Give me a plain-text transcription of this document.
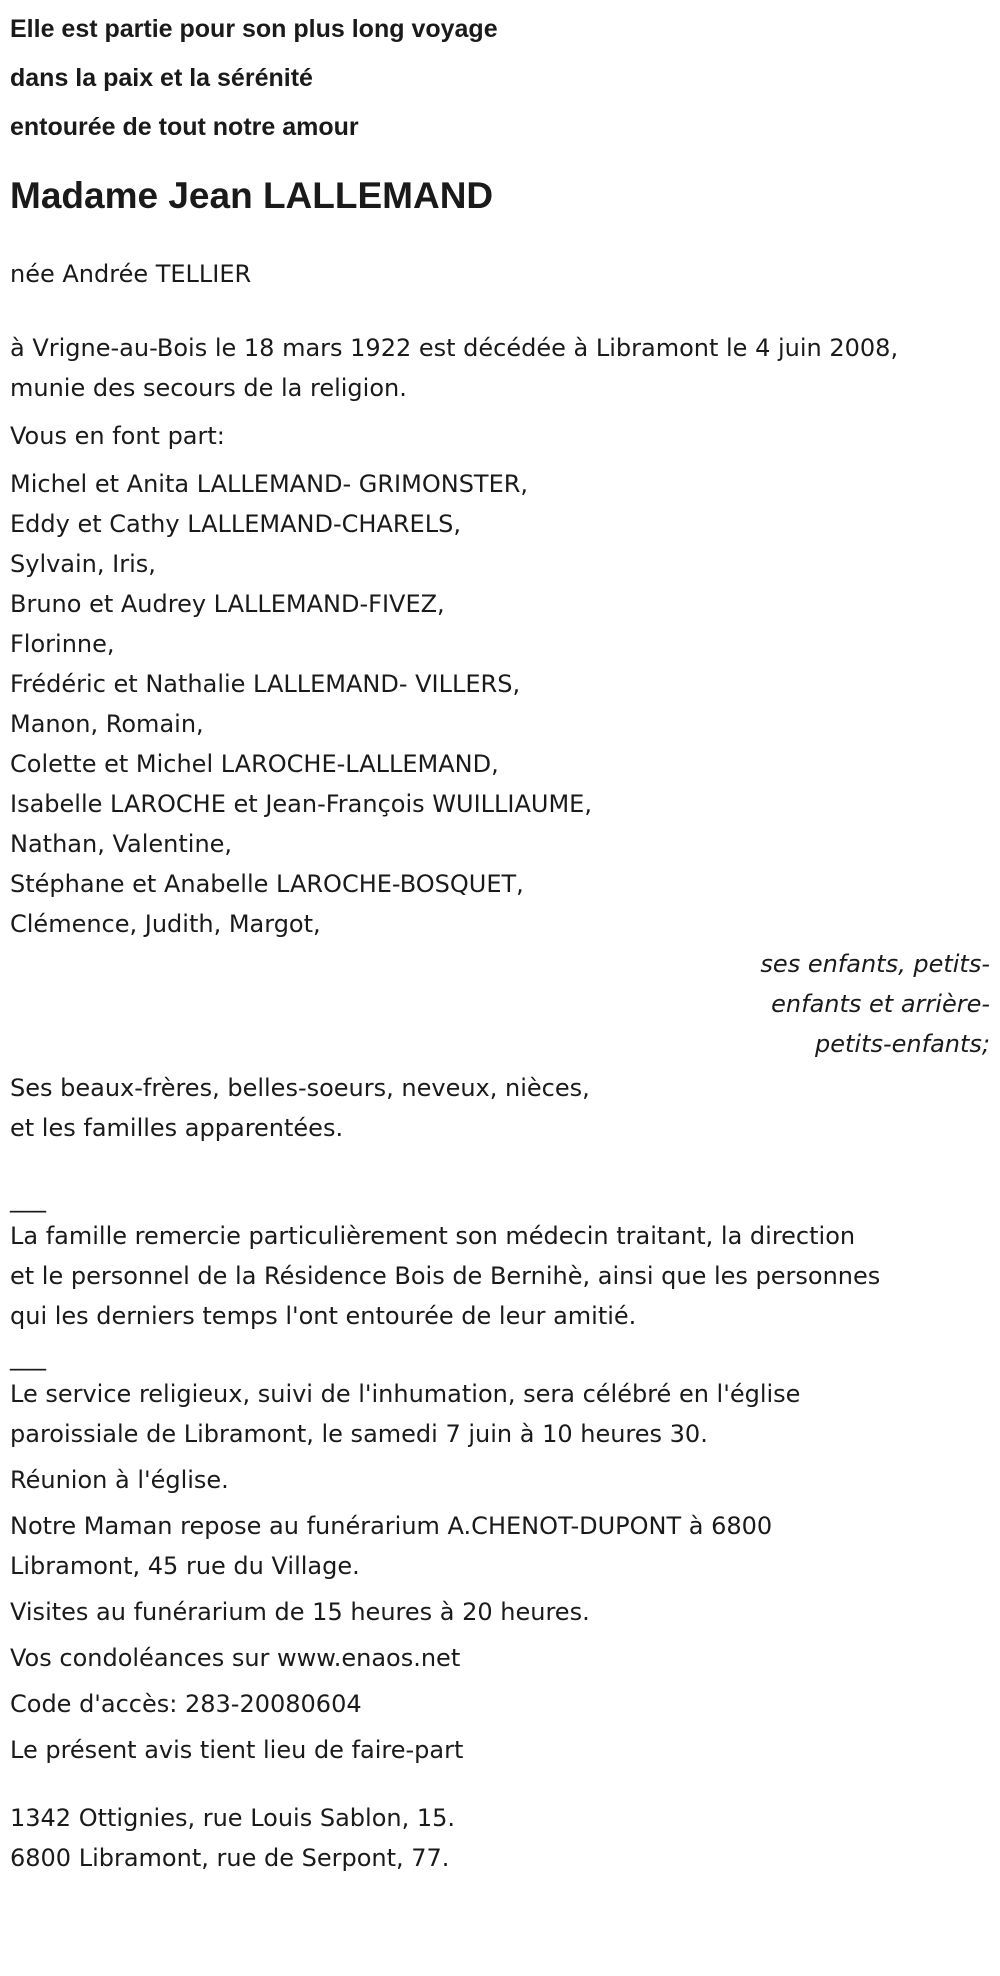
Elle est partie pour son plus long voyage

dans la paix et la sérénité

entourée de tout notre amour

Madame Jean LALLEMAND

née Andrée TELLIER

à Vrigne-au-Bois le 18 mars 1922 est décédée à Libramont le 4 juin 2008,
munie des secours de la religion.

Vous en font part:

Michel et Anita LALLEMAND- GRIMONSTER,

Eddy et Cathy LALLEMAND-CHARELS,

Sylvain, Iris,

Bruno et Audrey LALLEMAND-FIVEZ,

Florinne,

Frédéric et Nathalie LALLEMAND- VILLERS,

Manon, Romain,

Colette et Michel LAROCHE-LALLEMAND,

Isabelle LAROCHE et Jean-François WUILLIAUME,

Nathan, Valentine,

Stéphane et Anabelle LAROCHE-BOSQUET,

Clémence, Judith, Margot,

ses enfants, petits-
enfants et arrière-
petits-enfants;

Ses beaux-frères, belles-soeurs, neveux, nièces,
et les familles apparentées.

___

La famille remercie particulièrement son médecin traitant, la direction
et le personnel de la Résidence Bois de Bernihè, ainsi que les personnes
qui les derniers temps l'ont entourée de leur amitié.

___

Le service religieux, suivi de l'inhumation, sera célébré en l'église
paroissiale de Libramont, le samedi 7 juin à 10 heures 30.

Réunion à l'église.

Notre Maman repose au funérarium A.CHENOT-DUPONT à 6800
Libramont, 45 rue du Village.

Visites au funérarium de 15 heures à 20 heures.

Vos condoléances sur www.enaos.net

Code d'accès: 283-20080604

Le présent avis tient lieu de faire-part

1342 Ottignies, rue Louis Sablon, 15.

6800 Libramont, rue de Serpont, 77.
